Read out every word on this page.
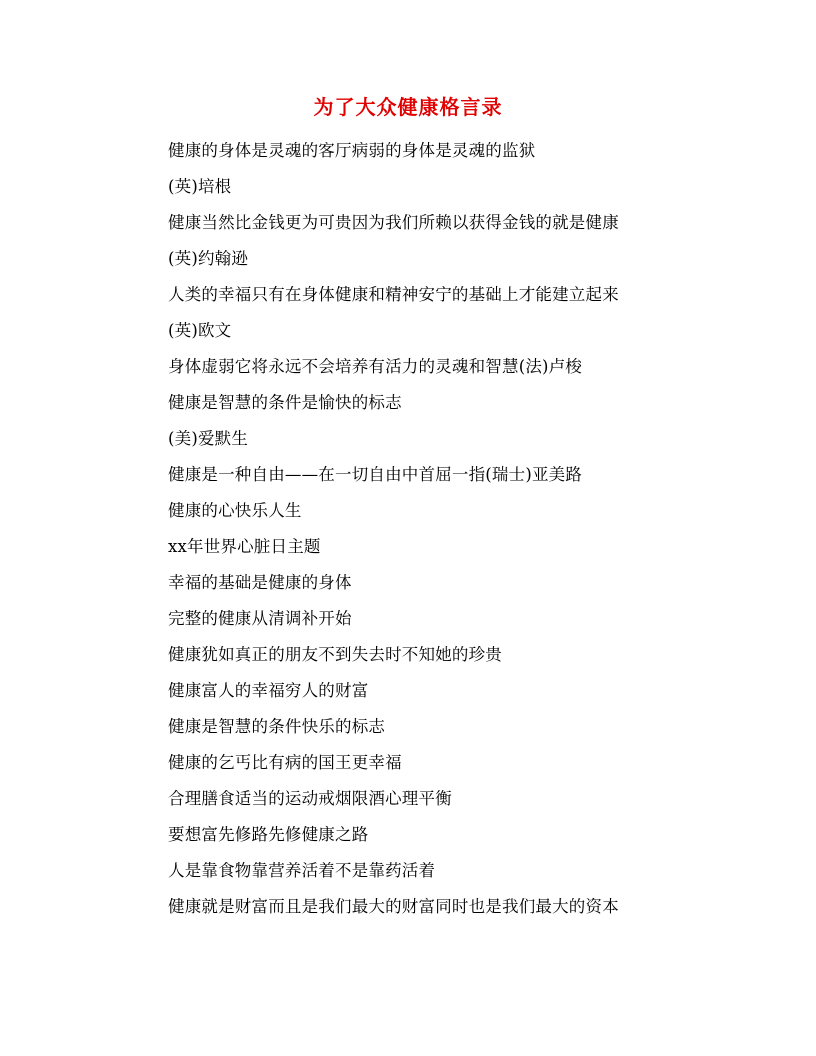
为了大众健康格言录
健康的身体是灵魂的客厅病弱的身体是灵魂的监狱
(英)培根
健康当然比金钱更为可贵因为我们所赖以获得金钱的就是健康
(英)约翰逊
人类的幸福只有在身体健康和精神安宁的基础上才能建立起来
(英)欧文
身体虚弱它将永远不会培养有活力的灵魂和智慧(法)卢梭
健康是智慧的条件是愉快的标志
(美)爱默生
健康是一种自由——在一切自由中首屈一指(瑞士)亚美路
健康的心快乐人生
xx年世界心脏日主题
幸福的基础是健康的身体
完整的健康从清调补开始
健康犹如真正的朋友不到失去时不知她的珍贵
健康富人的幸福穷人的财富
健康是智慧的条件快乐的标志
健康的乞丐比有病的国王更幸福
合理膳食适当的运动戒烟限酒心理平衡
要想富先修路先修健康之路
人是靠食物靠营养活着不是靠药活着
健康就是财富而且是我们最大的财富同时也是我们最大的资本
